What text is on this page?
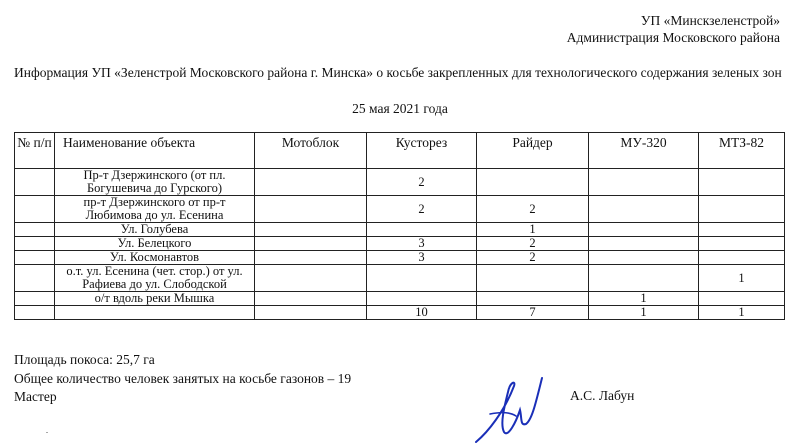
УП «Минскзеленстрой»
Администрация Московского района
Информация УП «Зеленстрой Московского района г. Минска» о косьбе закрепленных для технологического содержания зеленых зон
25 мая 2021 года
№ п/п	Наименование объекта	Мотоблок	Кусторез	Райдер	МУ-320	МТЗ-82
	Пр-т Дзержинского (от пл. Богушевича до Гурского)		2			
	пр-т Дзержинского от пр-т Любимова до ул. Есенина		2	2		
	Ул. Голубева			1		
	Ул. Белецкого		3	2		
	Ул. Космонавтов		3	2		
	о.т. ул. Есенина (чет. стор.) от ул. Рафиева до ул. Слободской					1
	о/т вдоль реки Мышка				1	
			10	7	1	1
Площадь покоса: 25,7 га
Общее количество человек занятых на косьбе газонов – 19
Мастер	А.С. Лабун
.
